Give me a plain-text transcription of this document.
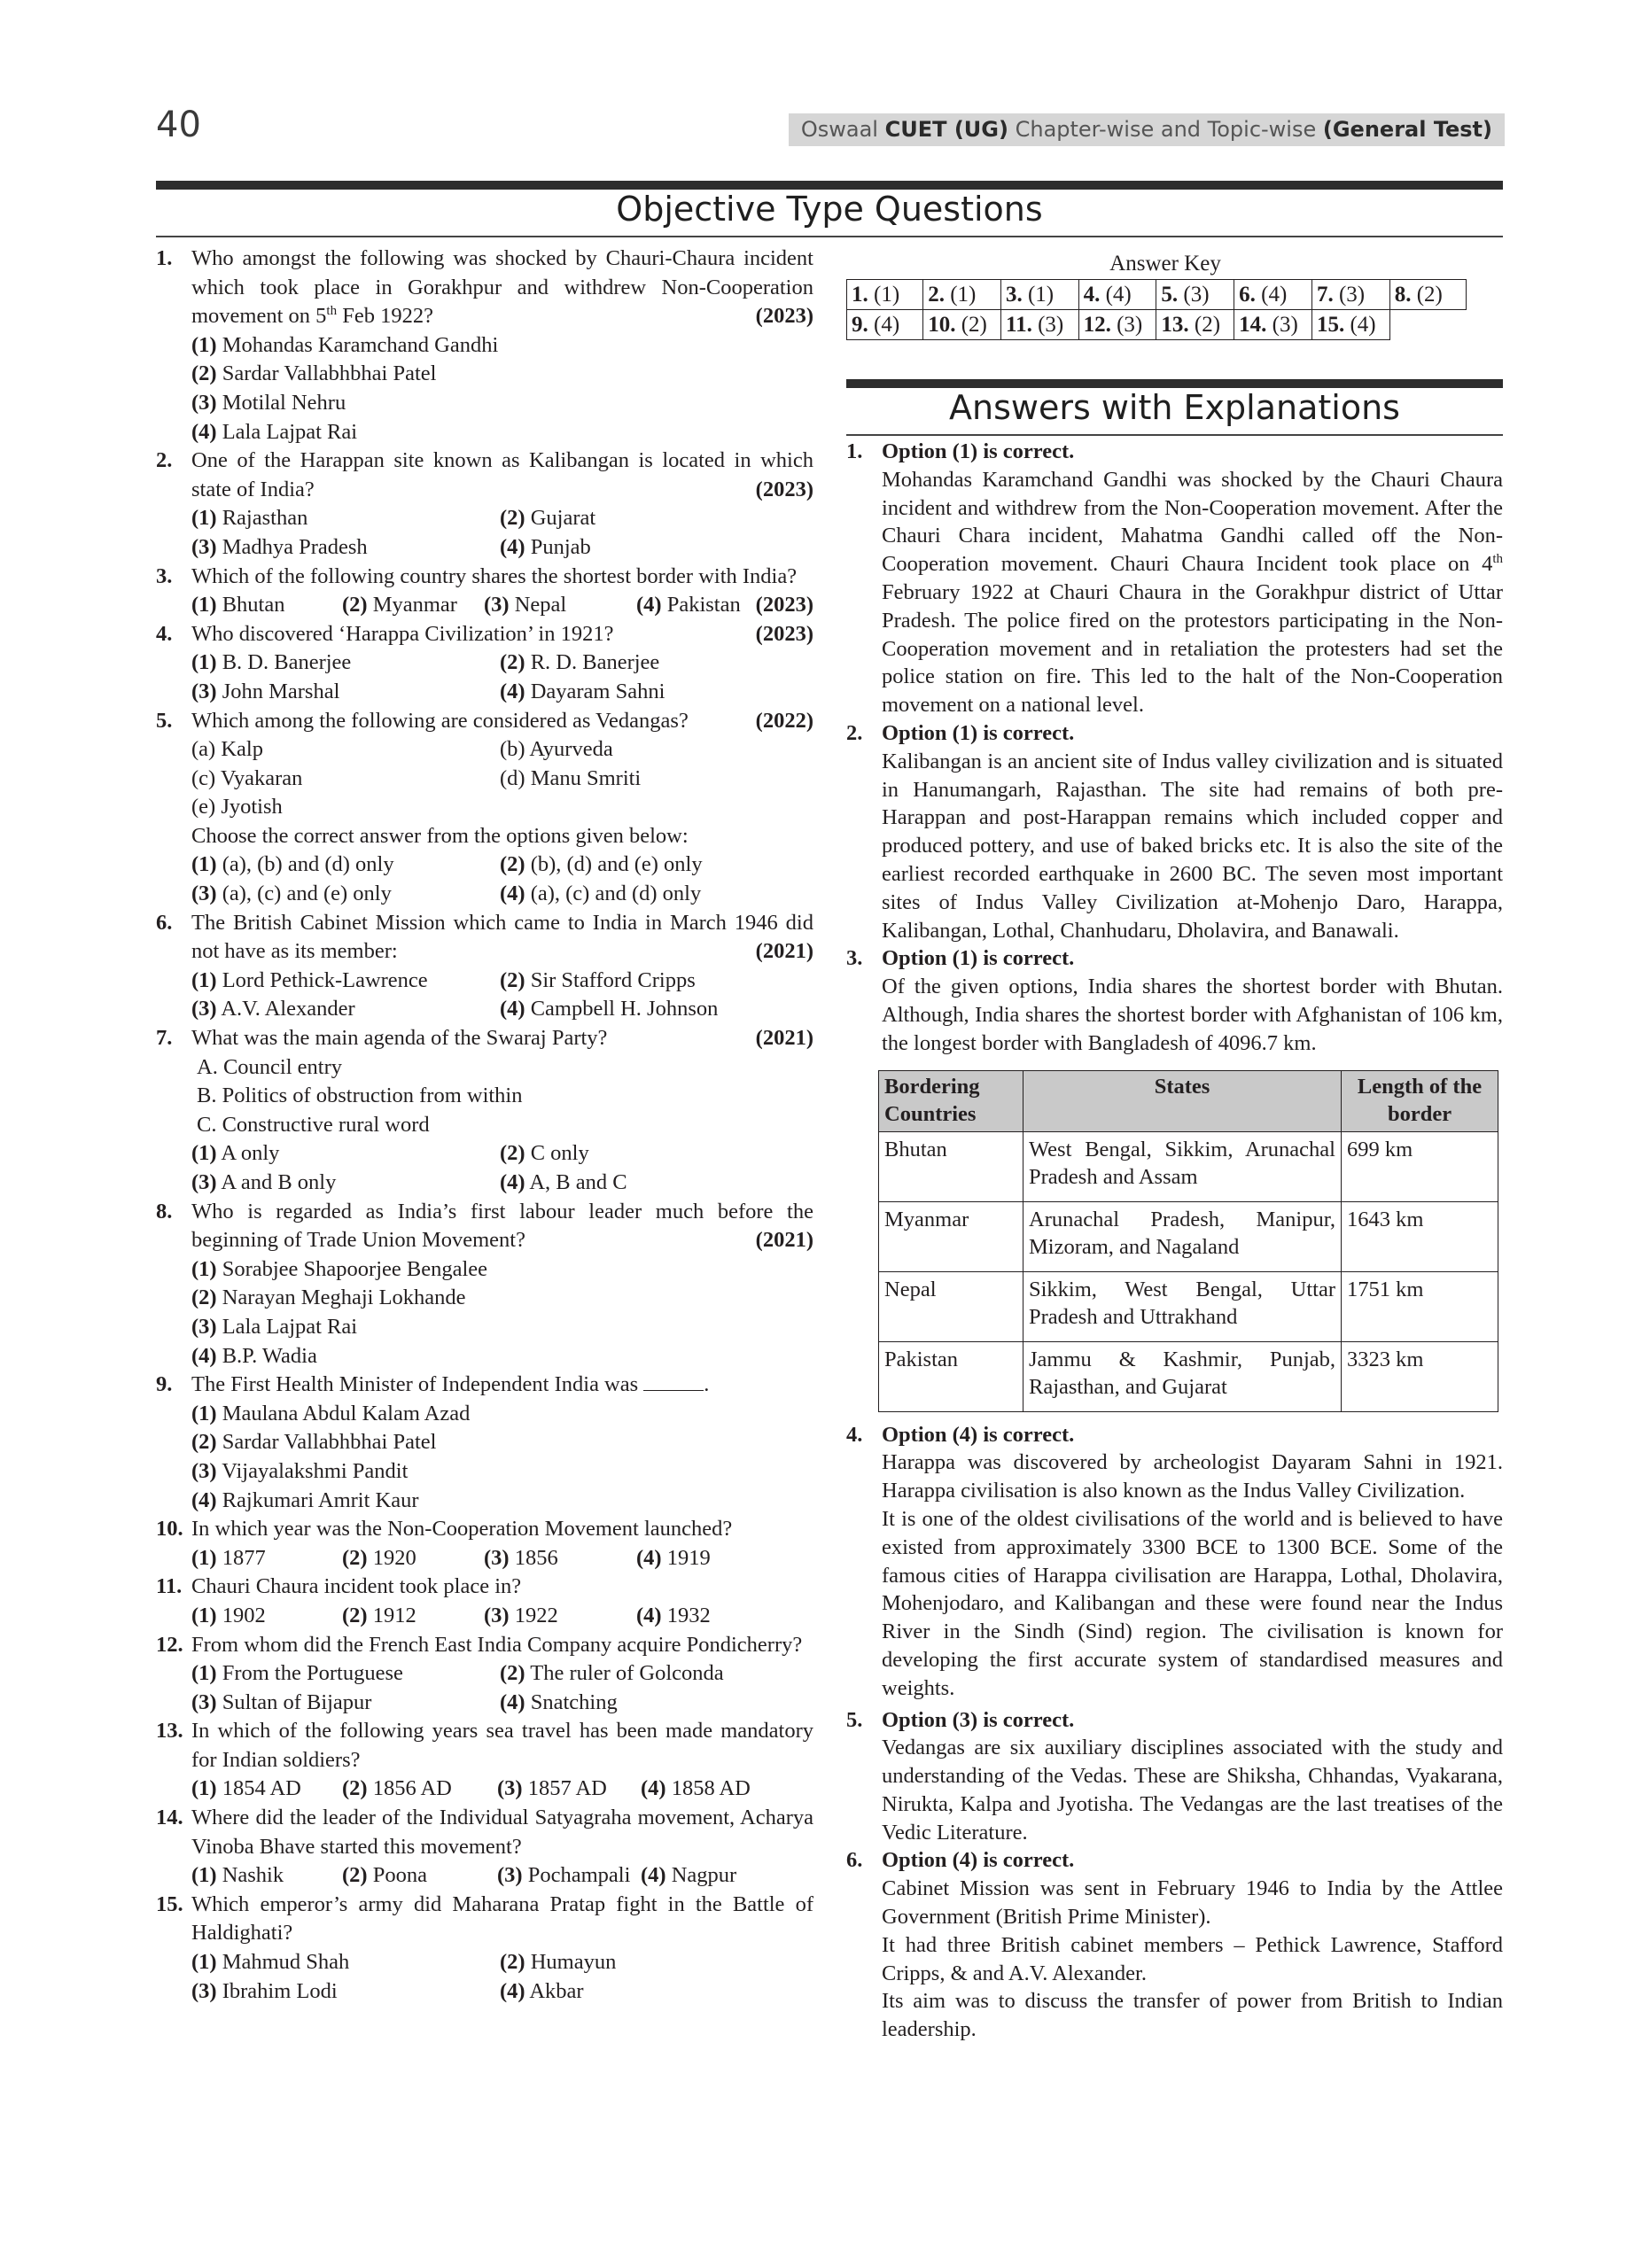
40	Oswaal CUET (UG) Chapter-wise and Topic-wise (General Test)
Objective Type Questions
1. Who amongst the following was shocked by Chauri-Chaura incident which took place in Gorakhpur and withdrew Non-Cooperation movement on 5th Feb 1922?	(2023)
(1) Mohandas Karamchand Gandhi
(2) Sardar Vallabhbhai Patel
(3) Motilal Nehru
(4) Lala Lajpat Rai
2. One of the Harappan site known as Kalibangan is located in which state of India?	(2023)
(1) Rajasthan	(2) Gujarat
(3) Madhya Pradesh	(4) Punjab
3. Which of the following country shares the shortest border with India?
(2023)
(1) Bhutan	(2) Myanmar	(3) Nepal	(4) Pakistan
4. Who discovered ‘Harappa Civilization’ in 1921?	(2023)
(1) B. D. Banerjee	(2) R. D. Banerjee
(3) John Marshal	(4) Dayaram Sahni
5. Which among the following are considered as Vedangas?	(2022)
(a) Kalp	(b) Ayurveda
(c) Vyakaran	(d) Manu Smriti
(e) Jyotish
Choose the correct answer from the options given below:
(1) (a), (b) and (d) only	(2) (b), (d) and (e) only
(3) (a), (c) and (e) only	(4) (a), (c) and (d) only
6. The British Cabinet Mission which came to India in March 1946 did not have as its member:	(2021)
(1) Lord Pethick-Lawrence	(2) Sir Stafford Cripps
(3) A.V. Alexander	(4) Campbell H. Johnson
7. What was the main agenda of the Swaraj Party?	(2021)
A. Council entry
B. Politics of obstruction from within
C. Constructive rural word
(1) A only	(2) C only
(3) A and B only	(4) A, B and C
8. Who is regarded as India’s first labour leader much before the beginning of Trade Union Movement?	(2021)
(1) Sorabjee Shapoorjee Bengalee
(2) Narayan Meghaji Lokhande
(3) Lala Lajpat Rai
(4) B.P. Wadia
9. The First Health Minister of Independent India was	.
(1) Maulana Abdul Kalam Azad
(2) Sardar Vallabhbhai Patel
(3) Vijayalakshmi Pandit
(4) Rajkumari Amrit Kaur
10. In which year was the Non-Cooperation Movement launched?
(1) 1877	(2) 1920	(3) 1856	(4) 1919
11. Chauri Chaura incident took place in?
(1) 1902	(2) 1912	(3) 1922	(4) 1932
12. From whom did the French East India Company acquire Pondicherry?
(1) From the Portuguese	(2) The ruler of Golconda
(3) Sultan of Bijapur	(4) Snatching
13. In which of the following years sea travel has been made mandatory for Indian soldiers?
(1) 1854 AD	(2) 1856 AD	(3) 1857 AD	(4) 1858 AD
14. Where did the leader of the Individual Satyagraha movement, Acharya Vinoba Bhave started this movement?
(1) Nashik	(2) Poona	(3) Pochampali (4) Nagpur
15. Which emperor’s army did Maharana Pratap fight in the Battle of Haldighati?
(1) Mahmud Shah	(2) Humayun
(3) Ibrahim Lodi	(4) Akbar
Answer Key
1. (1)	2. (1)	3. (1)	4. (4)	5. (3)	6. (4)	7. (3)	8. (2)
9. (4)	10. (2)	11. (3)	12. (3)	13. (2)	14. (3)	15. (4)	
Answers with Explanations
1. Option (1) is correct.

Mohandas Karamchand Gandhi was shocked by the Chauri Chaura incident and withdrew from the Non-Cooperation movement. After the Chauri Chara incident, Mahatma Gandhi called off the Non-Cooperation movement. Chauri Chaura Incident took place on 4th February 1922 at Chauri Chaura in the Gorakhpur district of Uttar Pradesh. The police fired on the protestors participating in the Non-Cooperation movement and in retaliation the protesters had set the police station on fire. This led to the halt of the Non-Cooperation movement on a national level.

2. Option (1) is correct.

Kalibangan is an ancient site of Indus valley civilization and is situated in Hanumangarh, Rajasthan. The site had remains of both pre-Harappan and post-Harappan remains which included copper and produced pottery, and use of baked bricks etc. It is also the site of the earliest recorded earthquake in 2600 BC. The seven most important sites of Indus Valley Civilization at-Mohenjo Daro, Harappa, Kalibangan, Lothal, Chanhudaru, Dholavira, and Banawali.

3. Option (1) is correct.

Of the given options, India shares the shortest border with Bhutan. Although, India shares the shortest border with Afghanistan of 106 km, the longest border with Bangladesh of 4096.7 km.

Bordering Countries	States	Length of the border
Bhutan	West Bengal, Sikkim, Arunachal Pradesh and Assam	699 km
Myanmar	Arunachal Pradesh, Manipur, Mizoram, and Nagaland	1643 km
Nepal	Sikkim, West Bengal, Uttar Pradesh and Uttrakhand	1751 km
Pakistan	Jammu & Kashmir, Punjab, Rajasthan, and Gujarat	3323 km
4. Option (4) is correct.

Harappa was discovered by archeologist Dayaram Sahni in 1921. Harappa civilisation is also known as the Indus Valley Civilization.

It is one of the oldest civilisations of the world and is believed to have existed from approximately 3300 BCE to 1300 BCE. Some of the famous cities of Harappa civilisation are Harappa, Lothal, Dholavira, Mohenjodaro, and Kalibangan and these were found near the Indus River in the Sindh (Sind) region. The civilisation is known for developing the first accurate system of standardised measures and weights.

5. Option (3) is correct.

Vedangas are six auxiliary disciplines associated with the study and understanding of the Vedas. These are Shiksha, Chhandas, Vyakarana, Nirukta, Kalpa and Jyotisha. The Vedangas are the last treatises of the Vedic Literature.

6. Option (4) is correct.

Cabinet Mission was sent in February 1946 to India by the Attlee Government (British Prime Minister).

It had three British cabinet members – Pethick Lawrence, Stafford Cripps, & and A.V. Alexander.

Its aim was to discuss the transfer of power from British to Indian leadership.
